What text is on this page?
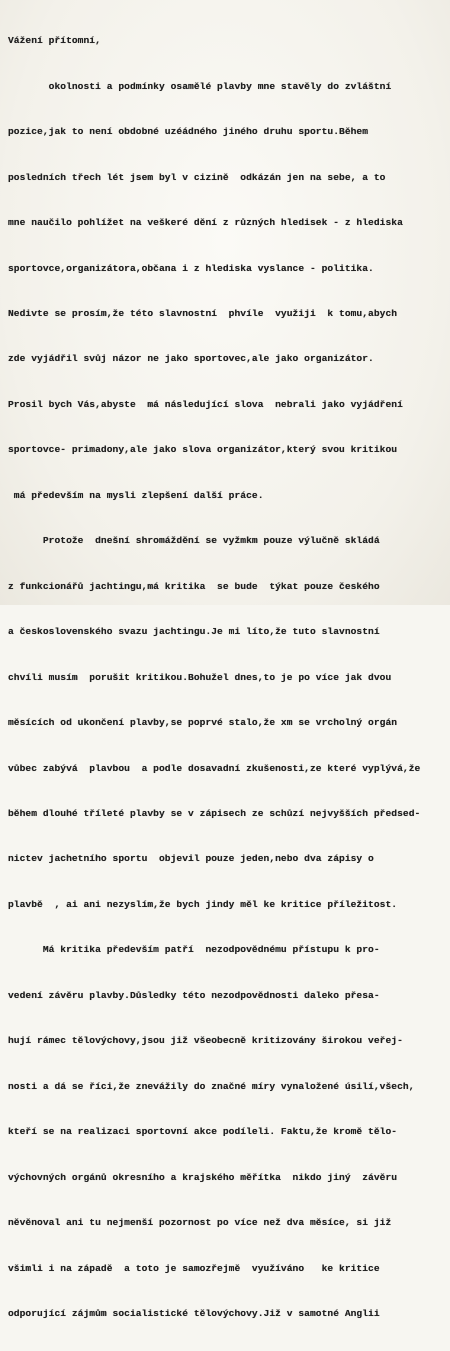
Vážení přítomní,

okolnosti a podmínky osamělé plavby mne stavěly do zvláštní

pozice,jak to není obdobné uzéádného jiného druhu sportu.Během

posledních třech lét jsem byl v cizině  odkázán jen na sebe, a to

mne naučilo pohlížet na veškeré dění z různých hledisek - z hlediska

sportovce,organizátora,občana i z hlediska vyslance - politika.

Nedivte se prosím,že této slavnostní  phvíle  využiji  k tomu,abych

zde vyjádřil svůj názor ne jako sportovec,ale jako organizátor.

Prosil bych Vás,abyste  má následující slova  nebrali jako vyjádření

sportovce- primadony,ale jako slova organizátor,který svou kritikou

má především na mysli zlepšení další práce.

Protože  dnešní shromáždění se vyžmkm pouze výlučně skládá

z funkcionářů jachtingu,má kritika  se bude  týkat pouze českého

a československého svazu jachtingu.Je mi líto,že tuto slavnostní

chvíli musím  porušit kritikou.Bohužel dnes,to je po více jak dvou

měsících od ukončení plavby,se poprvé stalo,že xm se vrcholný orgán

vůbec zabývá  plavbou  a podle dosavadní zkušenosti,ze které vyplývá,že

během dlouhé tříleté plavby se v zápisech ze schůzí nejvyšších předsed-

nictev jachetního sportu  objevil pouze jeden,nebo dva zápisy o

plavbě  , ai ani nezyslím,že bych jindy měl ke kritice příležitost.

Má kritika především patří  nezodpovědnému přístupu k pro-

vedení závěru plavby.Důsledky této nezodpovědnosti daleko přesa-

hují rámec tělovýchovy,jsou již všeobecně kritizovány širokou veřej-

nosti a dá se říci,že znevážily do značné míry vynaložené úsilí,všech,

kteří se na realizaci sportovní akce podíleli. Faktu,že kromě tělo-

výchovných orgánů okresního a krajského měřítka  nikdo jiný  závěru

něvěnoval ani tu nejmenší pozornost po více než dva měsíce, si již

všimli i na západě  a toto je samozřejmě  využíváno   ke kritice

odporující zájmům socialistické tělovýchovy.Již v samotné Anglii
